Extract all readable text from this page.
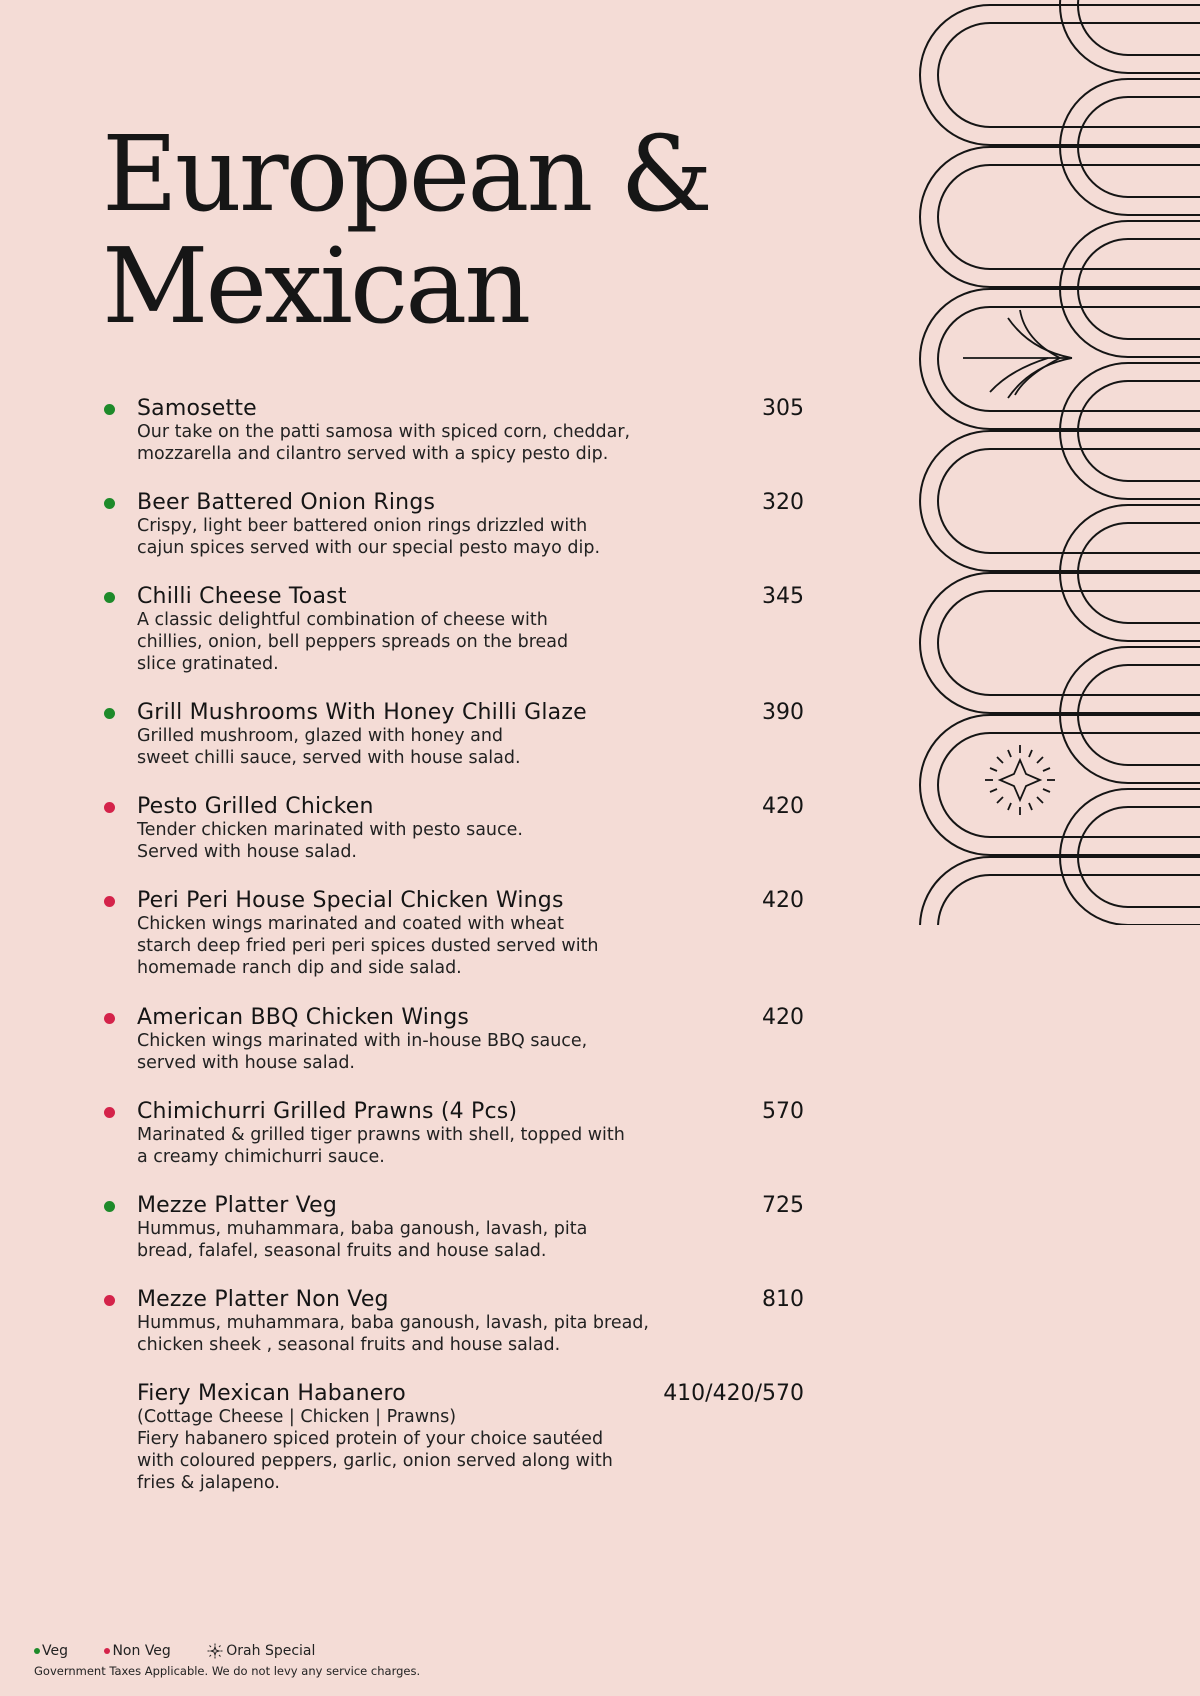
European &
Mexican
Samosette	305
Our take on the patti samosa with spiced corn, cheddar,
mozzarella and cilantro served with a spicy pesto dip.
Beer Battered Onion Rings	320
Crispy, light beer battered onion rings drizzled with
cajun spices served with our special pesto mayo dip.
Chilli Cheese Toast	345
A classic delightful combination of cheese with
chillies, onion, bell peppers spreads on the bread
slice gratinated.
Grill Mushrooms With Honey Chilli Glaze	390
Grilled mushroom, glazed with honey and
sweet chilli sauce, served with house salad.
Pesto Grilled Chicken	420
Tender chicken marinated with pesto sauce.
Served with house salad.
Peri Peri House Special Chicken Wings	420
Chicken wings marinated and coated with wheat
starch deep fried peri peri spices dusted served with
homemade ranch dip and side salad.
American BBQ Chicken Wings	420
Chicken wings marinated with in-house BBQ sauce,
served with house salad.
Chimichurri Grilled Prawns (4 Pcs)	570
Marinated & grilled tiger prawns with shell, topped with
a creamy chimichurri sauce.
Mezze Platter Veg	725
Hummus, muhammara, baba ganoush, lavash, pita
bread, falafel, seasonal fruits and house salad.
Mezze Platter Non Veg	810
Hummus, muhammara, baba ganoush, lavash, pita bread,
chicken sheek , seasonal fruits and house salad.
Fiery Mexican Habanero	410/420/570
(Cottage Cheese | Chicken | Prawns)
Fiery habanero spiced protein of your choice sautéed
with coloured peppers, garlic, onion served along with
fries & jalapeno.
Veg	Non Veg	Orah Special
Government Taxes Applicable. We do not levy any service charges.
